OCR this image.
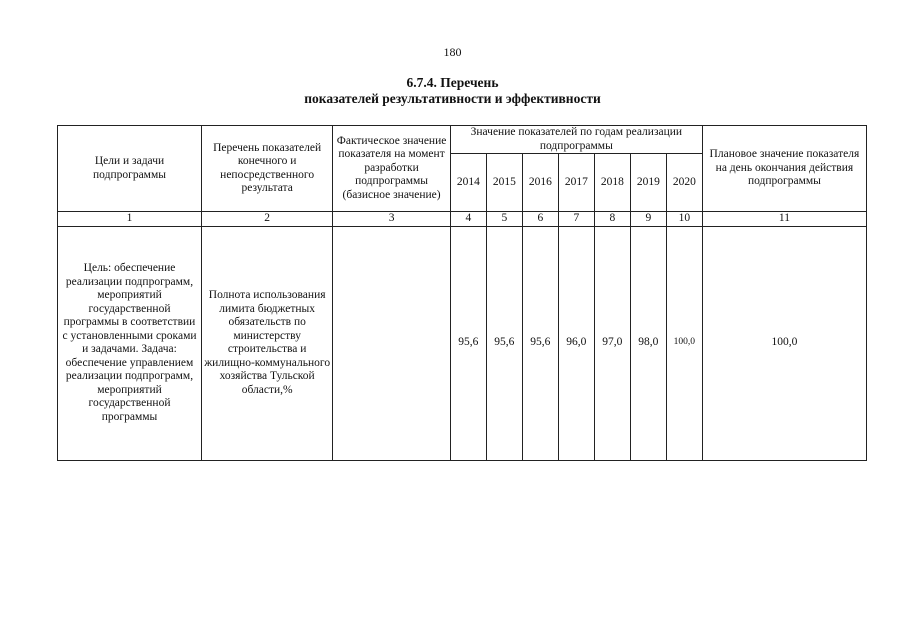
180
6.7.4. Перечень
показателей результативности и эффективности
Цели и задачи подпрограммы	Перечень показателей конечного и непосредственного результата	Фактическое значение показателя на момент разработки подпрограммы (базисное значение)	Значение показателей по годам реализации подпрограммы							Плановое значение показателя на день окончания действия подпрограммы
			2014	2015	2016	2017	2018	2019	2020	
1	2	3	4	5	6	7	8	9	10	11
Цель: обеспечение реализации подпрограмм, мероприятий государственной программы в соответствии с установленными сроками и задачами. Задача: обеспечение управлением реализации подпрограмм, мероприятий государственной программы	Полнота использования лимита бюджетных обязательств по министерству строительства и жилищно-коммунального хозяйства Тульской области,%		95,6	95,6	95,6	96,0	97,0	98,0	100,0	100,0
